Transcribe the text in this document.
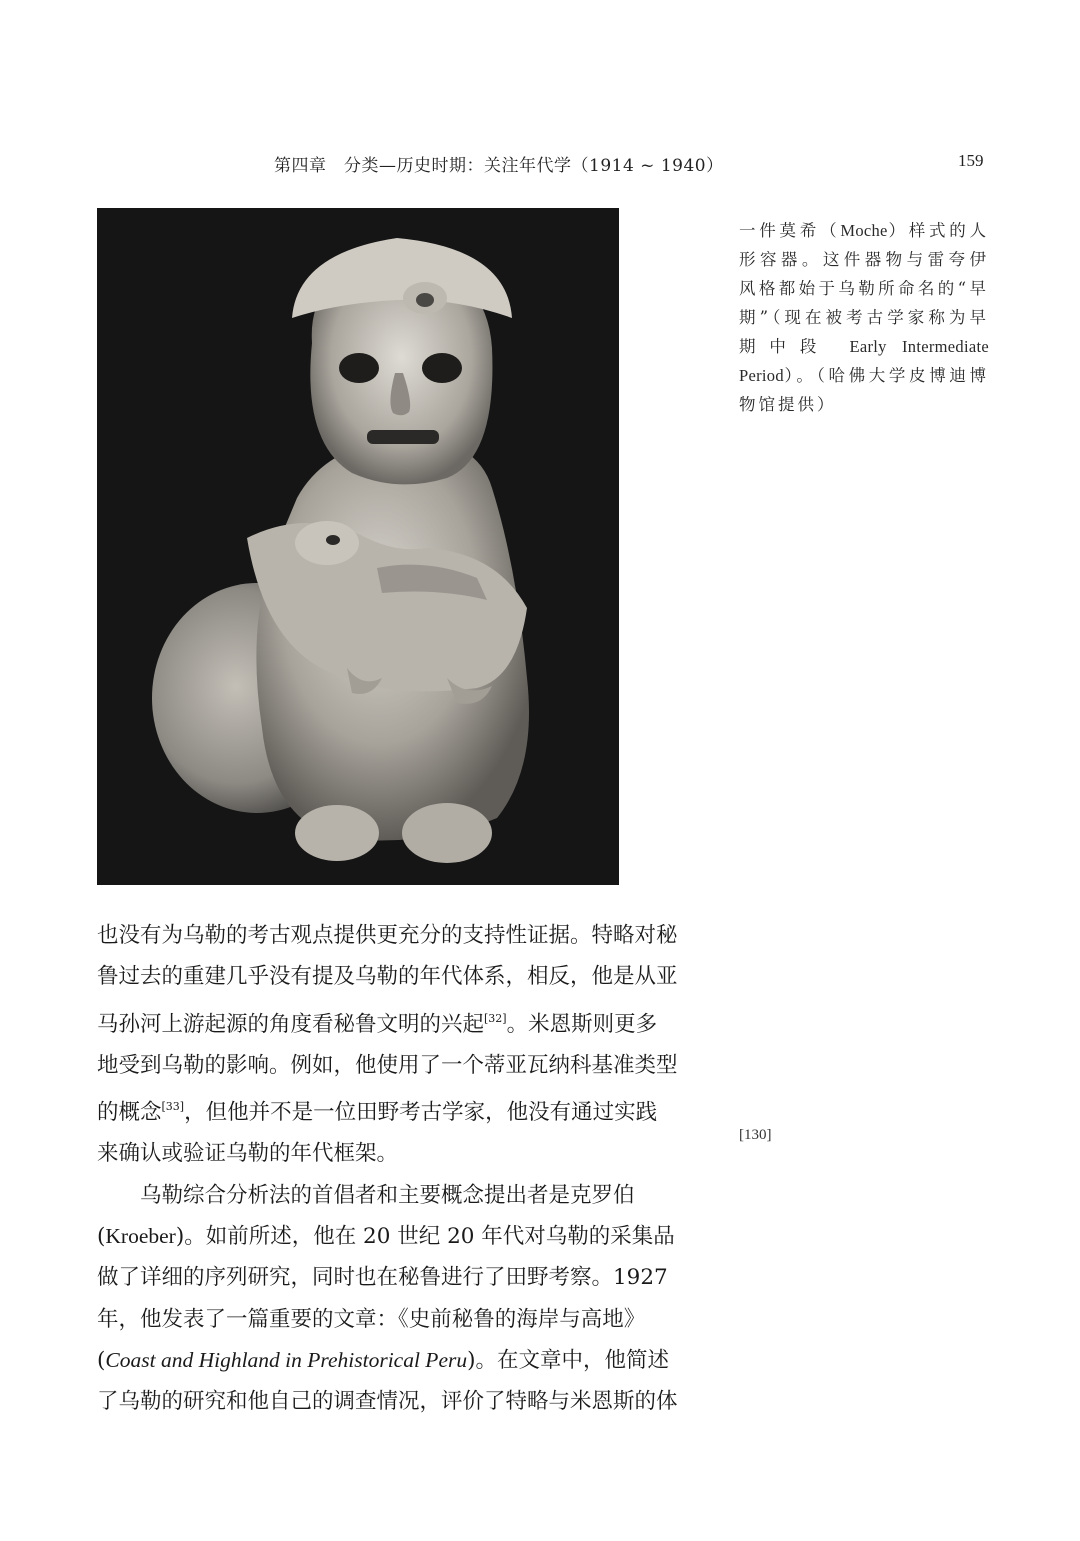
第四章　分类—历史时期：关注年代学（1914 ~ 1940）	159
一件莫希（Moche）样式的人形容器。这件器物与雷夸伊风格都始于乌勒所命名的“早期”（现在被考古学家称为早期中段 Early Intermediate Period）。（哈佛大学皮博迪博物馆提供）
[130]

也没有为乌勒的考古观点提供更充分的支持性证据。特略对秘
鲁过去的重建几乎没有提及乌勒的年代体系，相反，他是从亚
马孙河上游起源的角度看秘鲁文明的兴起[32]。米恩斯则更多
地受到乌勒的影响。例如，他使用了一个蒂亚瓦纳科基准类型
的概念[33]，但他并不是一位田野考古学家，他没有通过实践
来确认或验证乌勒的年代框架。

乌勒综合分析法的首倡者和主要概念提出者是克罗伯
(Kroeber)。如前所述，他在 20 世纪 20 年代对乌勒的采集品
做了详细的序列研究，同时也在秘鲁进行了田野考察。1927
年，他发表了一篇重要的文章：《史前秘鲁的海岸与高地》
(Coast and Highland in Prehistorical Peru)。在文章中，他简述
了乌勒的研究和他自己的调查情况，评价了特略与米恩斯的体
